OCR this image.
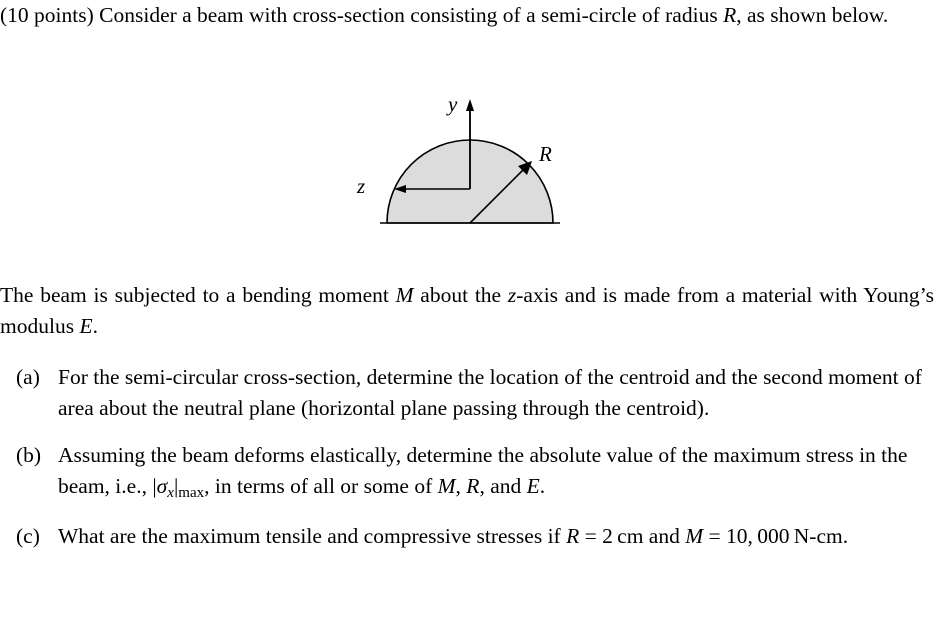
(10 points) Consider a beam with cross-section consisting of a semi-circle of radius R, as shown below.
y
z
R
The beam is subjected to a bending moment M about the z-axis and is made from a material with Young’s modulus E.
(a) For the semi-circular cross-section, determine the location of the centroid and the second moment of area about the neutral plane (horizontal plane passing through the centroid).
(b) Assuming the beam deforms elastically, determine the absolute value of the maximum stress in the beam, i.e., $|\sigma x|_{max}$, in terms of all or some of M, R, and E.
(c) What are the maximum tensile and compressive stresses if R = 2 cm and M = 10, 000 N-cm.
